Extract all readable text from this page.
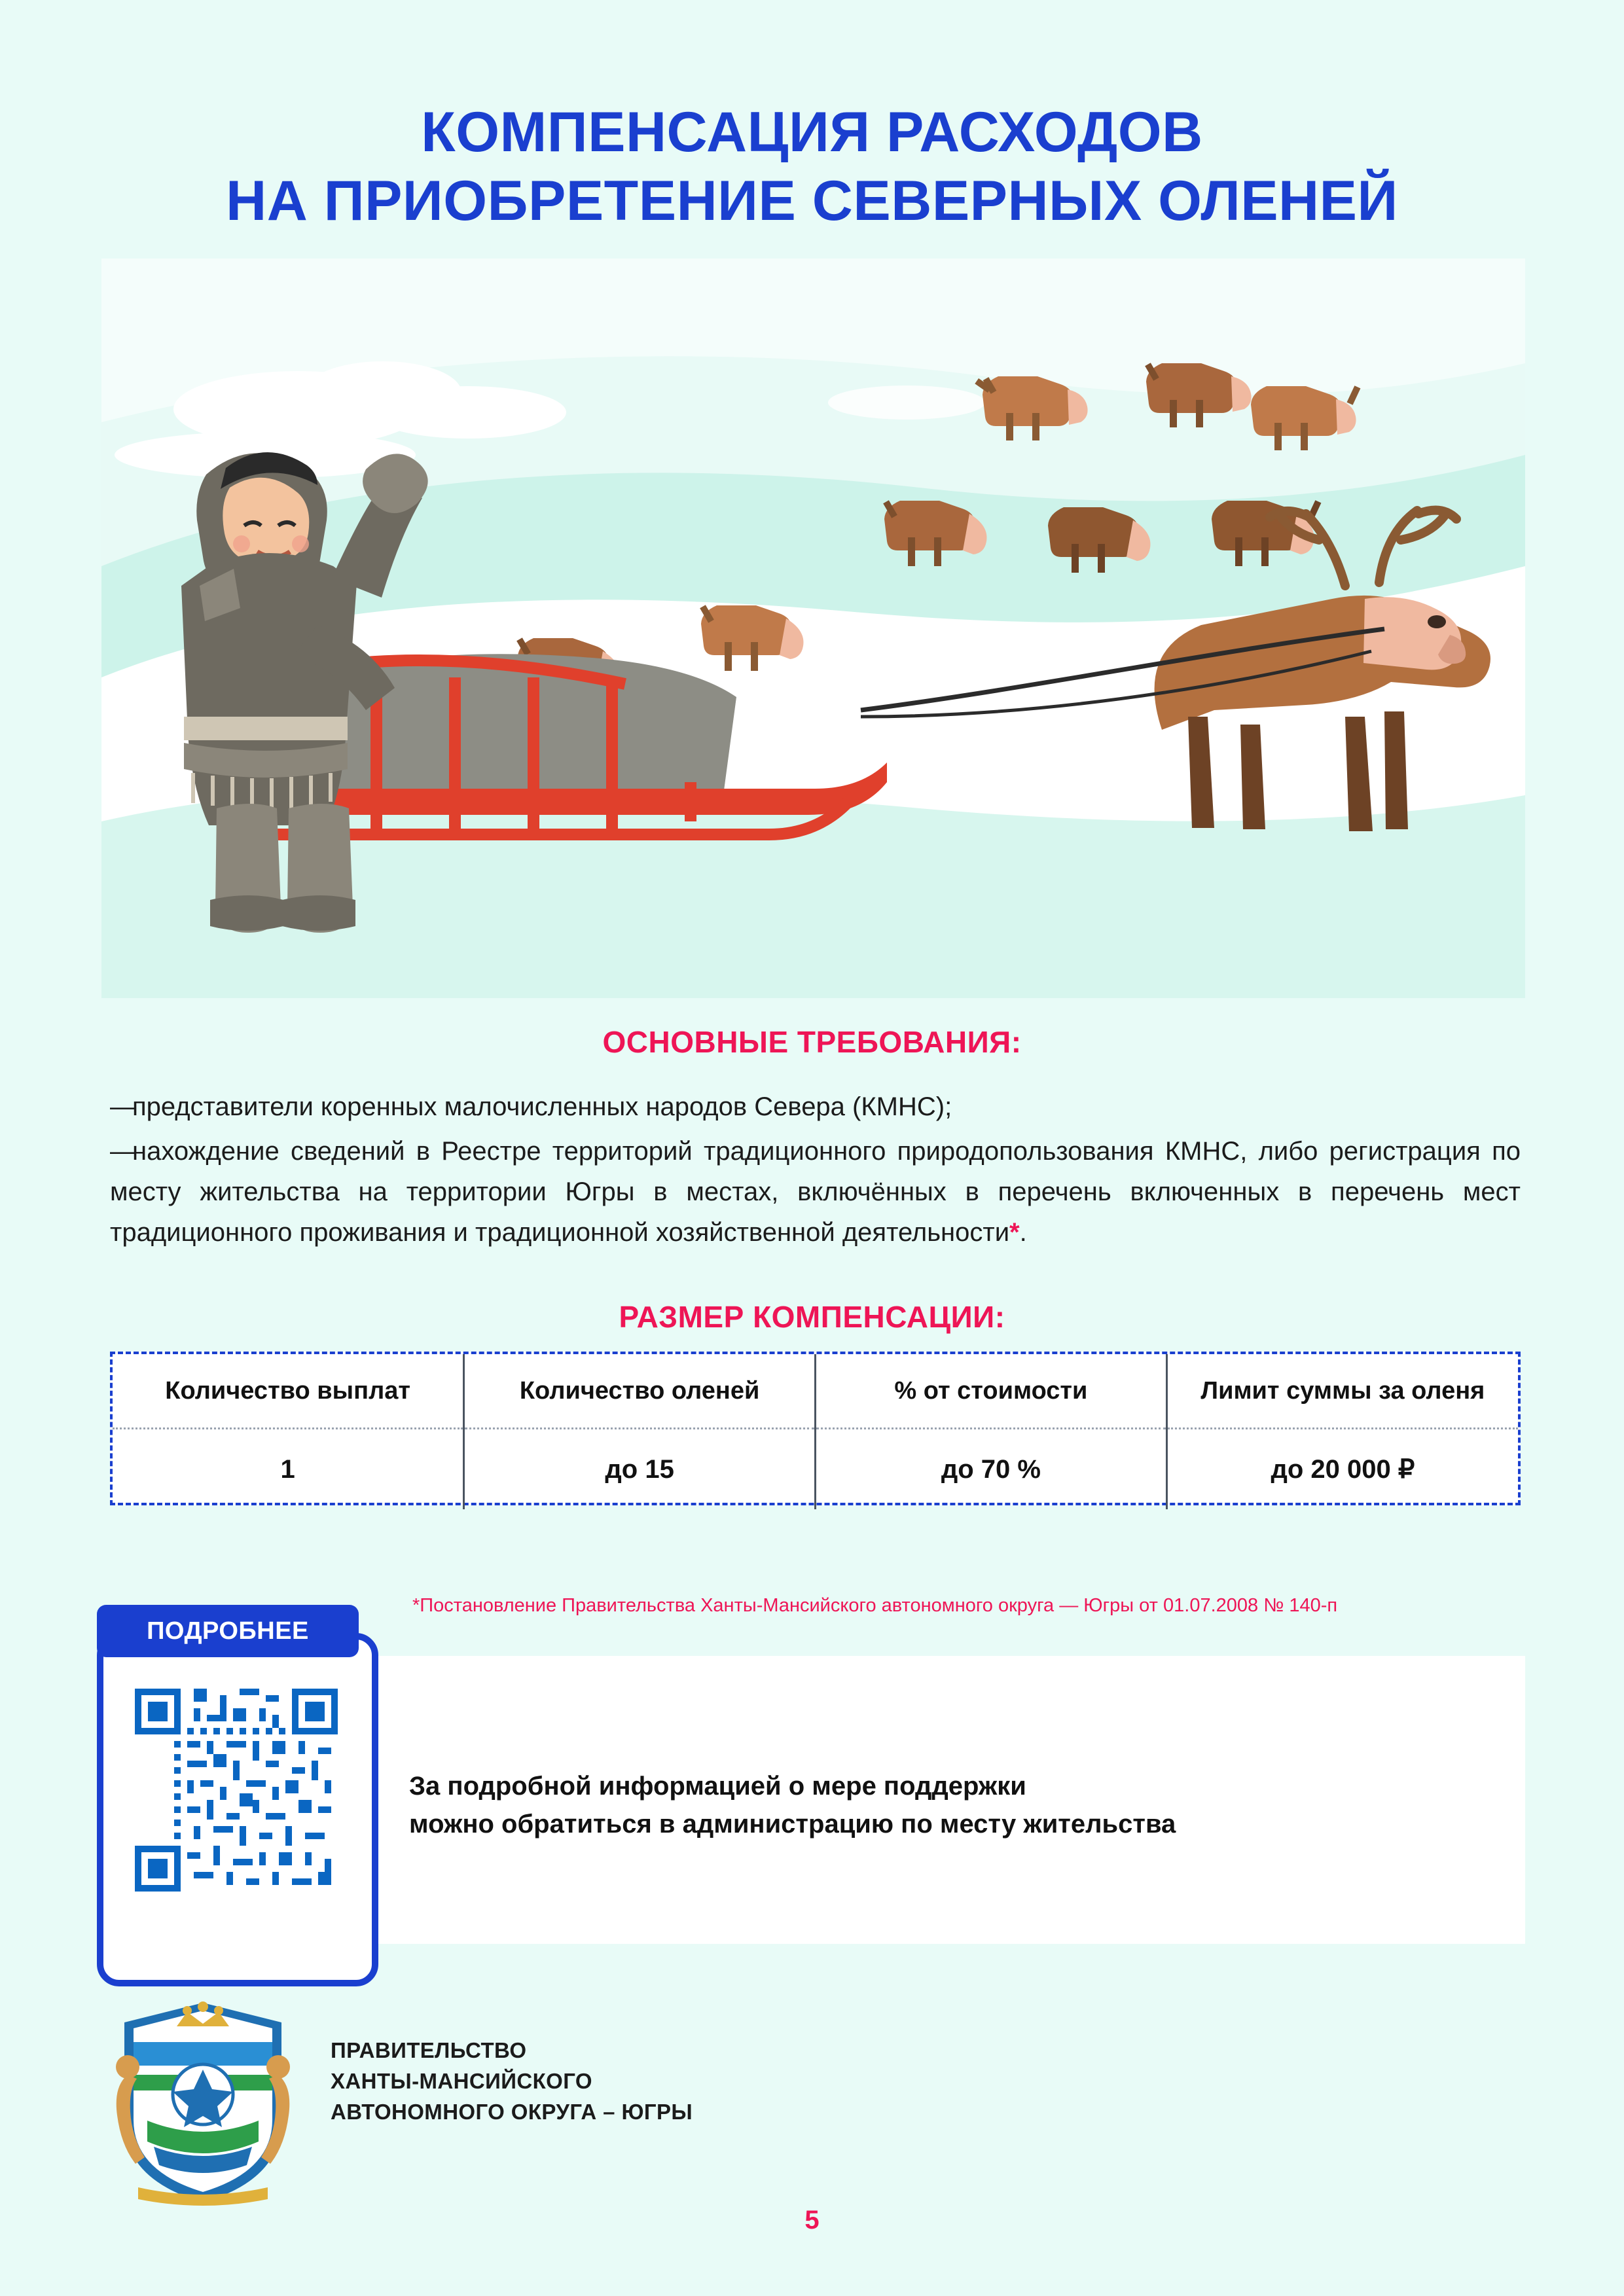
КОМПЕНСАЦИЯ РАСХОДОВ
НА ПРИОБРЕТЕНИЕ СЕВЕРНЫХ ОЛЕНЕЙ
ОСНОВНЫЕ ТРЕБОВАНИЯ:

—представители коренных малочисленных народов Севера (КМНС);

—нахождение сведений в Реестре территорий традиционного природопользования КМНС, либо регистрация по месту жительства на территории Югры в местах, включённых в перечень включенных в перечень мест традиционного проживания и традиционной хозяйственной деятельности*.

РАЗМЕР КОМПЕНСАЦИИ:
Количество выплат	Количество оленей	% от стоимости	Лимит суммы за оленя
1	до 15	до 70 %	до 20 000 ₽
*Постановление Правительства Ханты-Мансийского автономного округа — Югры от 01.07.2008 № 140-п
ПОДРОБНЕЕ
За подробной информацией о мере поддержки
можно обратиться в администрацию по месту жительства
ПРАВИТЕЛЬСТВО
ХАНТЫ-МАНСИЙСКОГО
АВТОНОМНОГО ОКРУГА – ЮГРЫ
5
